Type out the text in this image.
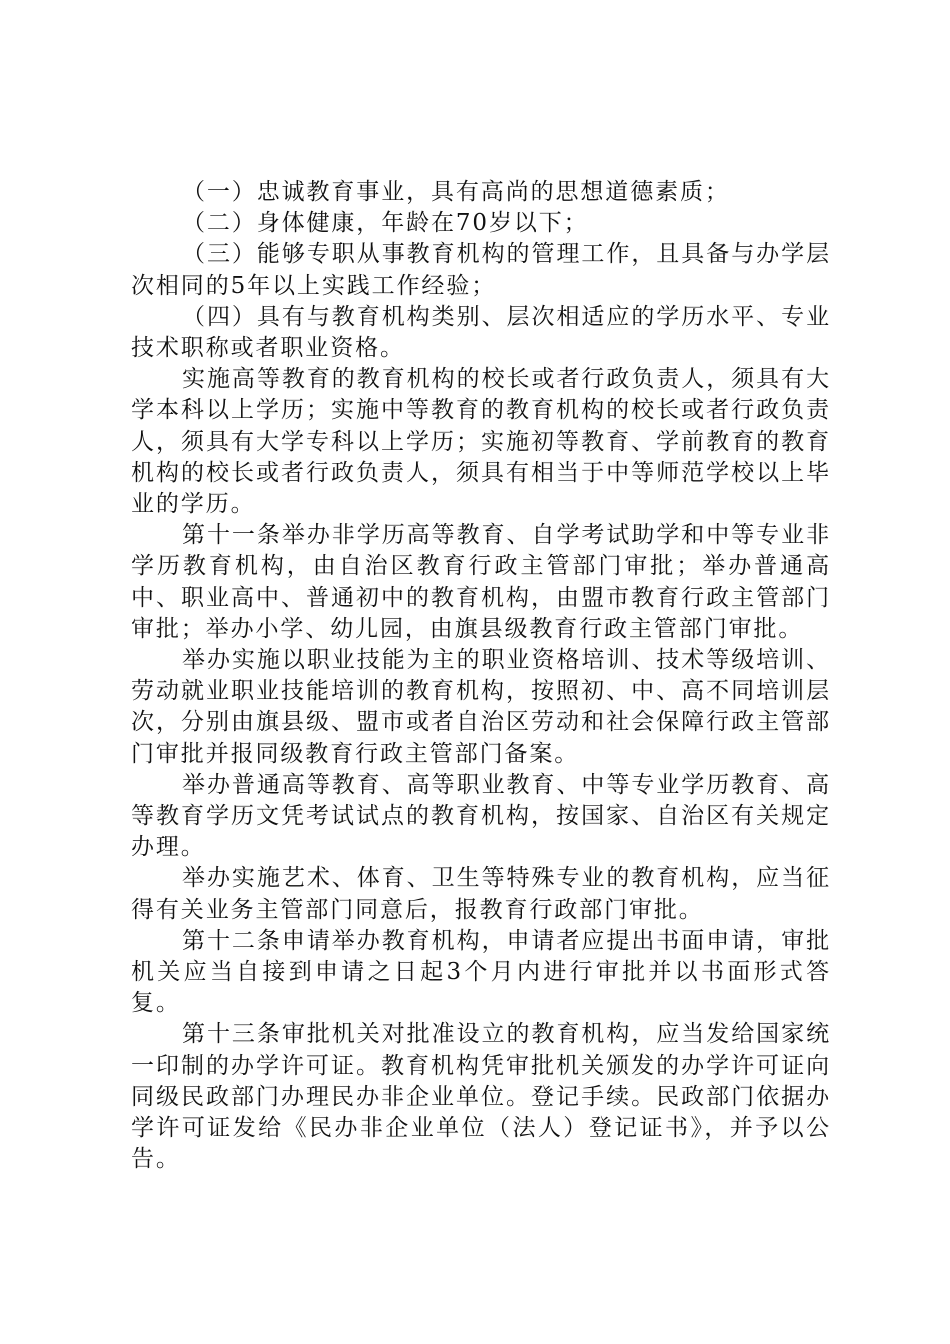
（一）忠诚教育事业，具有高尚的思想道德素质；

（二）身体健康，年龄在70岁以下；

（三）能够专职从事教育机构的管理工作，且具备与办学层次相同的5年以上实践工作经验；

（四）具有与教育机构类别、层次相适应的学历水平、专业技术职称或者职业资格。

实施高等教育的教育机构的校长或者行政负责人，须具有大学本科以上学历；实施中等教育的教育机构的校长或者行政负责人，须具有大学专科以上学历；实施初等教育、学前教育的教育机构的校长或者行政负责人，须具有相当于中等师范学校以上毕业的学历。

第十一条举办非学历高等教育、自学考试助学和中等专业非学历教育机构，由自治区教育行政主管部门审批；举办普通高中、职业高中、普通初中的教育机构，由盟市教育行政主管部门审批；举办小学、幼儿园，由旗县级教育行政主管部门审批。

举办实施以职业技能为主的职业资格培训、技术等级培训、劳动就业职业技能培训的教育机构，按照初、中、高不同培训层次，分别由旗县级、盟市或者自治区劳动和社会保障行政主管部门审批并报同级教育行政主管部门备案。

举办普通高等教育、高等职业教育、中等专业学历教育、高等教育学历文凭考试试点的教育机构，按国家、自治区有关规定办理。

举办实施艺术、体育、卫生等特殊专业的教育机构，应当征得有关业务主管部门同意后，报教育行政部门审批。

第十二条申请举办教育机构，申请者应提出书面申请，审批机关应当自接到申请之日起3个月内进行审批并以书面形式答复。

第十三条审批机关对批准设立的教育机构，应当发给国家统一印制的办学许可证。教育机构凭审批机关颁发的办学许可证向同级民政部门办理民办非企业单位。登记手续。民政部门依据办学许可证发给《民办非企业单位（法人）登记证书》，并予以公告。
